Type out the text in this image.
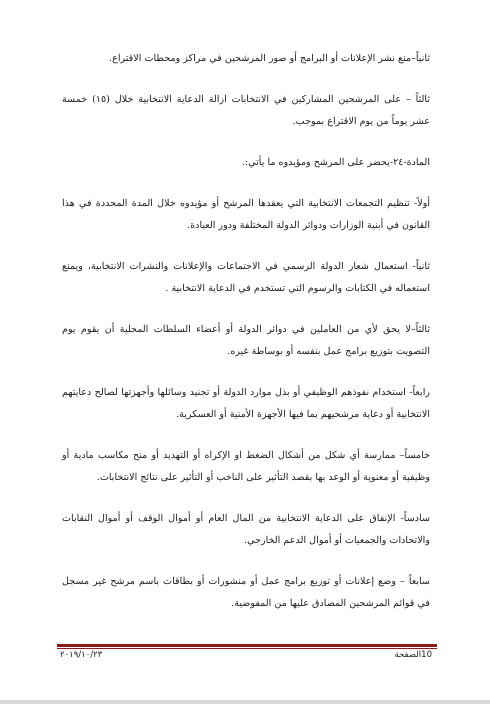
ثانياً–منع نشر الإعلانات أو البرامج أو صور المرشحين في مراكز ومحطات الاقتراع.

ثالثاً – على المرشحين المشاركين في الانتخابات ازالة الدعاية الانتخابية خلال (١٥) خمسة عشر يوماً من يوم الاقتراع بموجب.

المادة-٢٤-يحضر على المرشح ومؤيدوه ما يأتي:.

أولاً- تنظيم التجمعات الانتخابية التي يعقدها المرشح أو مؤيدوه خلال المدة المحددة في هذا القانون في أبنية الوزارات ودوائر الدولة المختلفة ودور العبادة.

ثانياً- استعمال شعار الدولة الرسمي في الاجتماعات والإعلانات والنشرات الانتخابية، ويمنع استعماله في الكتابات والرسوم التي تستخدم في الدعاية الانتخابية .

ثالثاً–لا يحق لأي من العاملين في دوائر الدولة أو أعضاء السلطات المحلية أن يقوم يوم التصويت بتوزيع برامج عمل بنفسه أو بوساطة غيره.

رابعاً- استخدام نفوذهم الوظيفي أو بذل موارد الدولة أو تجنيد وسائلها وأجهزتها لصالح دعايتهم الانتخابية أو دعاية مرشحيهم بما فيها الأجهزة الأمنية أو العسكرية.

خامساً– ممارسة أي شكل من أشكال الضغط او الإكراه أو التهديد أو منح مكاسب مادية أو وظيفية أو معنوية أو الوعد بها بقصد التأثير على الناخب أو التأثير على نتائج الانتخابات.

سادساً- الإنفاق على الدعاية الانتخابية من المال العام أو أموال الوقف أو أموال النقابات والاتحادات والجمعيات أو أموال الدعم الخارجي.

سابعاً – وضع إعلانات أو توزيع برامج عمل أو منشورات أو بطاقات باسم مرشح غير مسجل في قوائم المرشحين المصادق عليها من المفوضية.

٢٠١٩/١٠/٢٣	10الصفحة
